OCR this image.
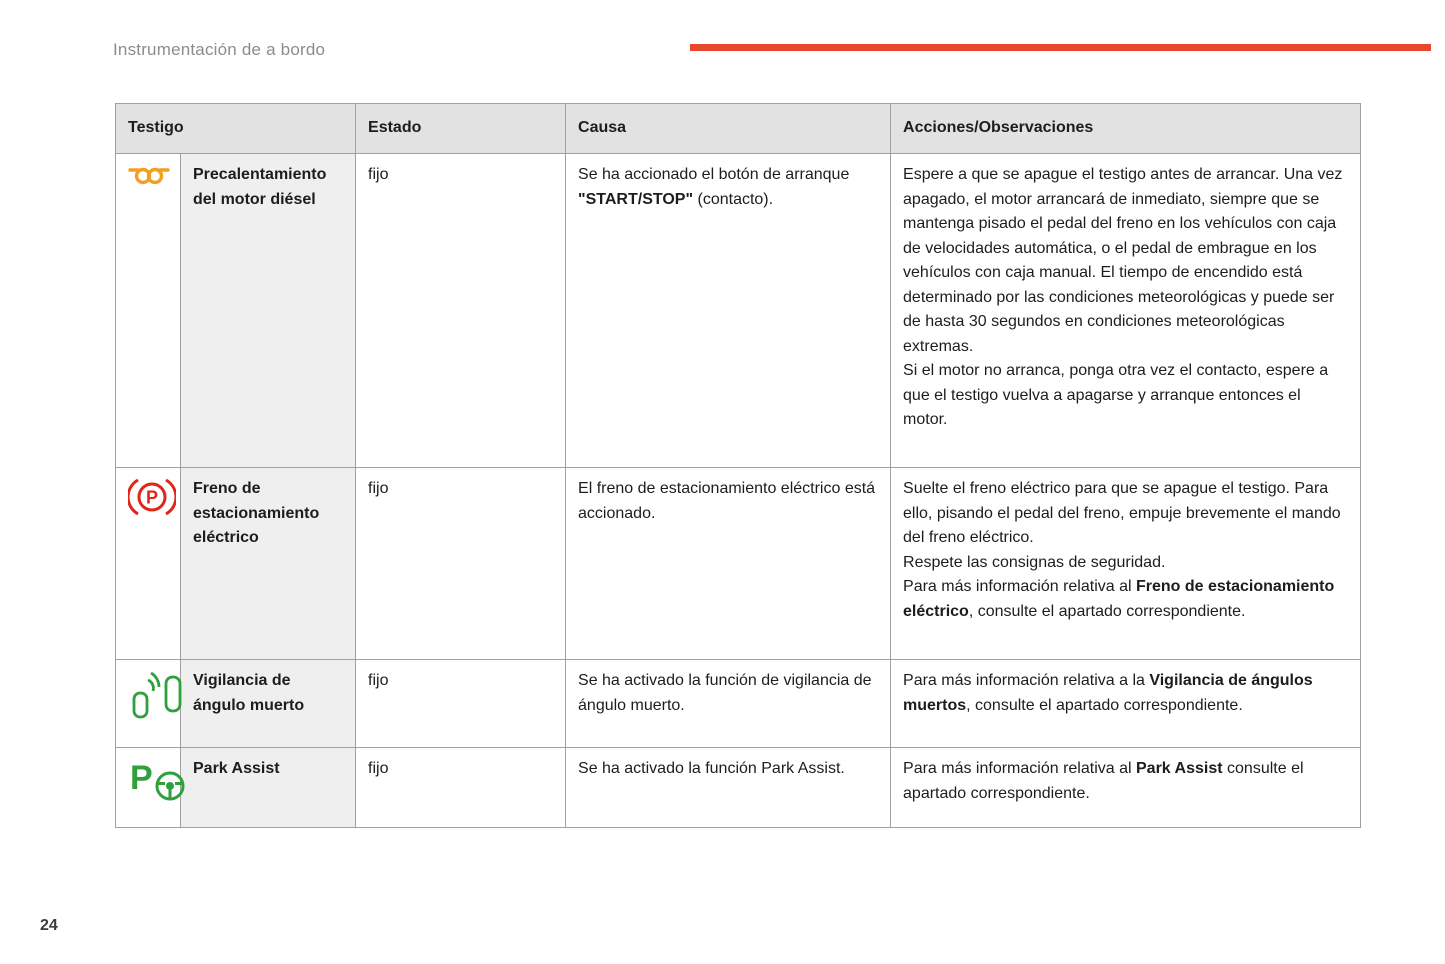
Instrumentación de a bordo
Testigo		Estado	Causa	Acciones/Observaciones
	Precalentamiento del motor diésel	fijo	Se ha accionado el botón de arranque "START/STOP" (contacto).	Espere a que se apague el testigo antes de arrancar. Una vez apagado, el motor arrancará de inmediato, siempre que se mantenga pisado el pedal del freno en los vehículos con caja de velocidades automática, o el pedal de embrague en los vehículos con caja manual. El tiempo de encendido está determinado por las condiciones meteorológicas y puede ser de hasta 30 segundos en condiciones meteorológicas extremas.

Si el motor no arranca, ponga otra vez el contacto, espere a que el testigo vuelva a apagarse y arranque entonces el motor.

P	Freno de estacionamiento eléctrico	fijo	El freno de estacionamiento eléctrico está accionado.	Suelte el freno eléctrico para que se apague el testigo. Para ello, pisando el pedal del freno, empuje brevemente el mando del freno eléctrico.

Respete las consignas de seguridad.

Para más información relativa al Freno de estacionamiento eléctrico, consulte el apartado correspondiente.

	Vigilancia de ángulo muerto	fijo	Se ha activado la función de vigilancia de ángulo muerto.	Para más información relativa a la Vigilancia de ángulos muertos, consulte el apartado correspondiente.

P	Park Assist	fijo	Se ha activado la función Park Assist.	Para más información relativa al Park Assist consulte el apartado correspondiente.

24
